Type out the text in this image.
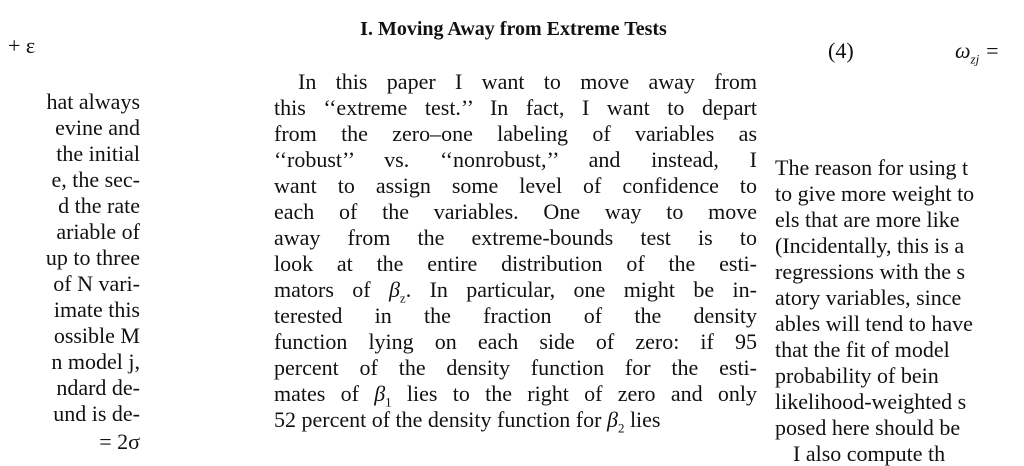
+ ε
hat always
evine and
the initial
e, the sec-
d the rate
ariable of
up to three
of N vari-
imate this
ossible M
n model j,
ndard de-
und is de-
= 2σ
I. Moving Away from Extreme Tests
In this paper I want to move away from
this ‘‘extreme test.’’ In fact, I want to depart
from the zero–one labeling of variables as
‘‘robust’’ vs. ‘‘nonrobust,’’ and instead, I
want to assign some level of confidence to
each of the variables. One way to move
away from the extreme-bounds test is to
look at the entire distribution of the esti-
mators of $\beta_z$. In particular, one might be in-
terested in the fraction of the density
function lying on each side of zero: if 95
percent of the density function for the esti-
mates of $\beta_1$ lies to the right of zero and only
52 percent of the density function for $\beta_2$ lies
(4)	$\omega_{zj}$ =
The reason for using t
to give more weight to
els that are more like
(Incidentally, this is a
regressions with the s
atory variables, since
ables will tend to have
that the fit of model
probability of bein
likelihood-weighted s
posed here should be
I also compute th
